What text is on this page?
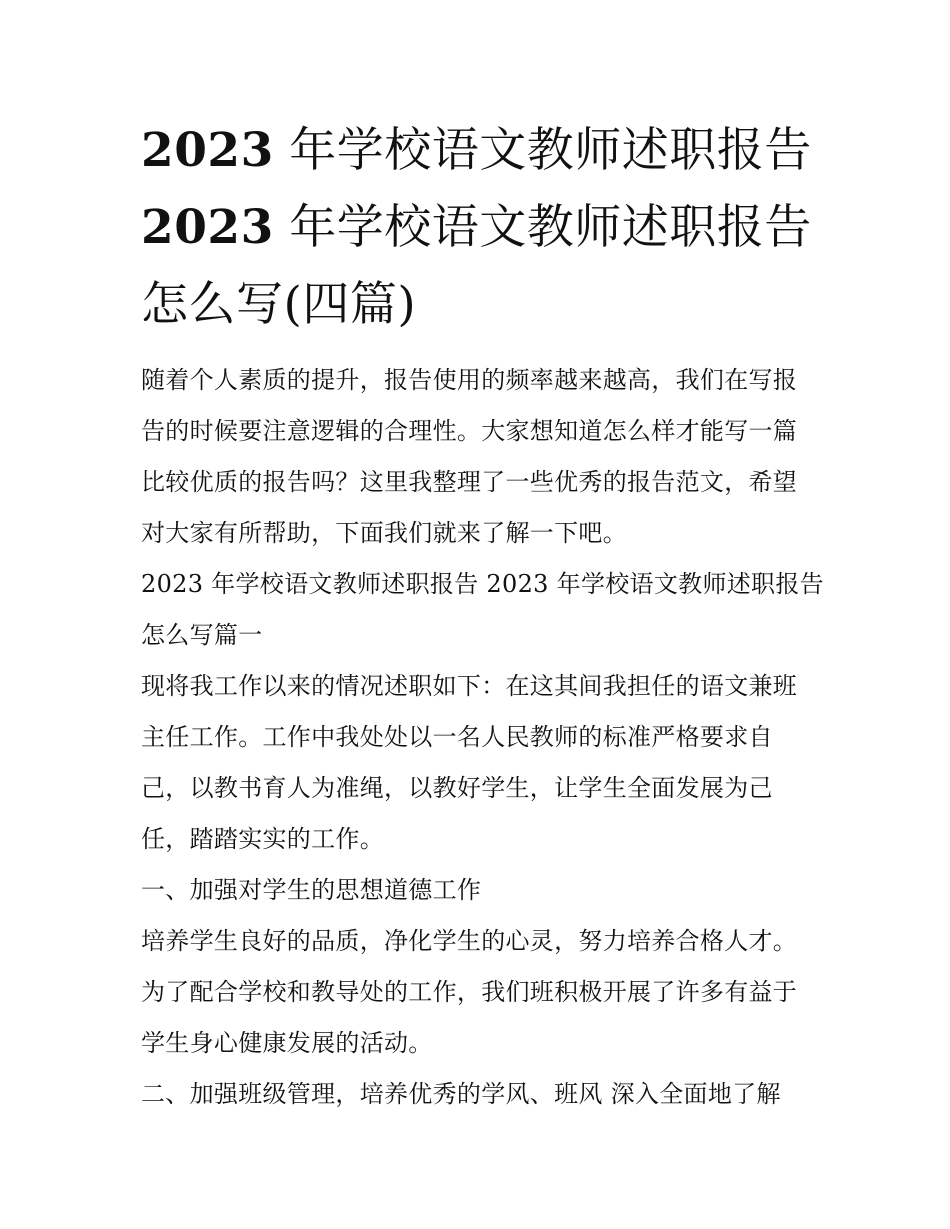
2023 年学校语文教师述职报告
2023 年学校语文教师述职报告
怎么写(四篇)

随着个人素质的提升，报告使用的频率越来越高，我们在写报
告的时候要注意逻辑的合理性。大家想知道怎么样才能写一篇
比较优质的报告吗？这里我整理了一些优秀的报告范文，希望
对大家有所帮助，下面我们就来了解一下吧。

2023 年学校语文教师述职报告 2023 年学校语文教师述职报告
怎么写篇一

现将我工作以来的情况述职如下：在这其间我担任的语文兼班
主任工作。工作中我处处以一名人民教师的标准严格要求自
己，以教书育人为准绳，以教好学生，让学生全面发展为己
任，踏踏实实的工作。

一、加强对学生的思想道德工作

培养学生良好的品质，净化学生的心灵，努力培养合格人才。
为了配合学校和教导处的工作，我们班积极开展了许多有益于
学生身心健康发展的活动。

二、加强班级管理，培养优秀的学风、班风 深入全面地了解
